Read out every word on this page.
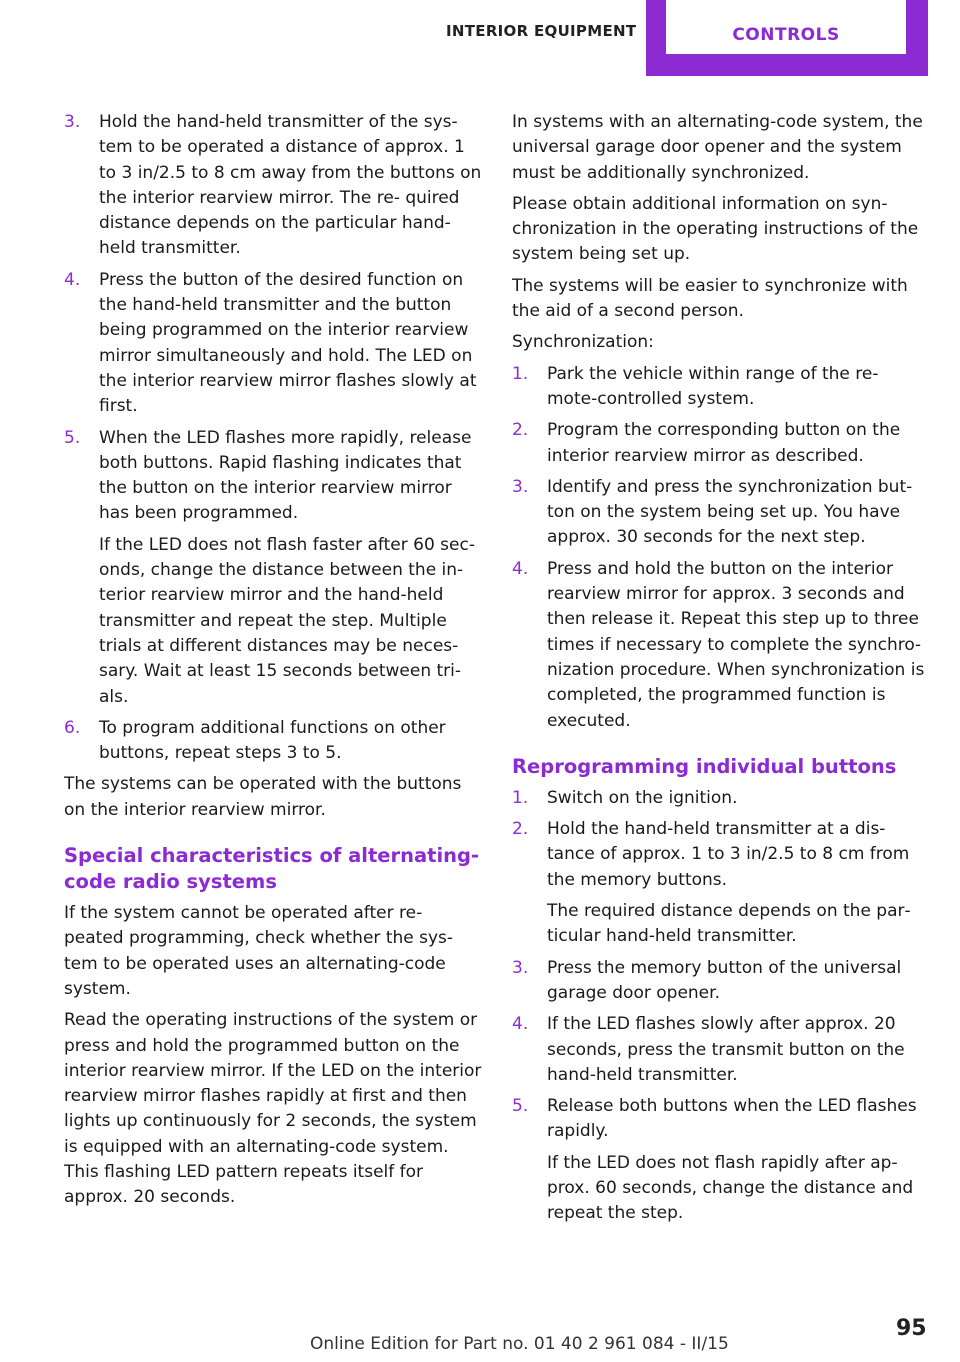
INTERIOR EQUIPMENT	CONTROLS
3. Hold the hand-held transmitter of the sys‐ tem to be operated a distance of approx. 1 to 3 in/2.5 to 8 cm away from the buttons on the interior rearview mirror. The re‐ quired distance depends on the particular hand-held transmitter.

4. Press the button of the desired function on the hand-held transmitter and the button being programmed on the interior rearview mirror simultaneously and hold. The LED on the interior rearview mirror flashes slowly at first.

5. When the LED flashes more rapidly, release both buttons. Rapid flashing indicates that the button on the interior rearview mirror has been programmed.

If the LED does not flash faster after 60 sec‐ onds, change the distance between the in‐ terior rearview mirror and the hand-held transmitter and repeat the step. Multiple trials at different distances may be neces‐ sary. Wait at least 15 seconds between tri‐ als.

6. To program additional functions on other buttons, repeat steps 3 to 5.

The systems can be operated with the buttons on the interior rearview mirror.

Special characteristics of alternating-code radio systems

If the system cannot be operated after re‐ peated programming, check whether the sys‐ tem to be operated uses an alternating-code system.

Read the operating instructions of the system or press and hold the programmed button on the interior rearview mirror. If the LED on the interior rearview mirror flashes rapidly at first and then lights up continuously for 2 seconds, the system is equipped with an alternating-code system. This flashing LED pattern repeats itself for approx. 20 seconds.

In systems with an alternating-code system, the universal garage door opener and the system must be additionally synchronized.

Please obtain additional information on syn‐ chronization in the operating instructions of the system being set up.

The systems will be easier to synchronize with the aid of a second person.

Synchronization:

1. Park the vehicle within range of the re‐ mote-controlled system.

2. Program the corresponding button on the interior rearview mirror as described.

3. Identify and press the synchronization but‐ ton on the system being set up. You have approx. 30 seconds for the next step.

4. Press and hold the button on the interior rearview mirror for approx. 3 seconds and then release it. Repeat this step up to three times if necessary to complete the synchro‐ nization procedure. When synchronization is completed, the programmed function is executed.

Reprogramming individual buttons
1. Switch on the ignition.

2. Hold the hand-held transmitter at a dis‐ tance of approx. 1 to 3 in/2.5 to 8 cm from the memory buttons.

The required distance depends on the par‐ ticular hand-held transmitter.

3. Press the memory button of the universal garage door opener.

4. If the LED flashes slowly after approx. 20 seconds, press the transmit button on the hand-held transmitter.

5. Release both buttons when the LED flashes rapidly.

If the LED does not flash rapidly after ap‐ prox. 60 seconds, change the distance and repeat the step.

Online Edition for Part no. 01 40 2 961 084 - II/15
95
